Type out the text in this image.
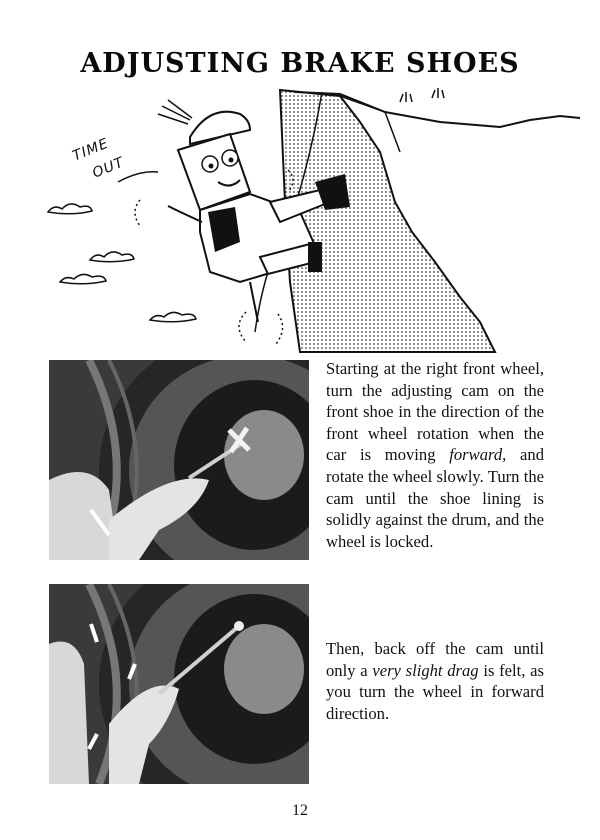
ADJUSTING BRAKE SHOES
TIME
OUT

Starting at the right front wheel, turn the adjusting cam on the front shoe in the direction of the front wheel rotation when the car is moving forward, and rotate the wheel slowly. Turn the cam until the shoe lining is solidly against the drum, and the wheel is locked.

Then, back off the cam until only a very slight drag is felt, as you turn the wheel in forward direction.

12
